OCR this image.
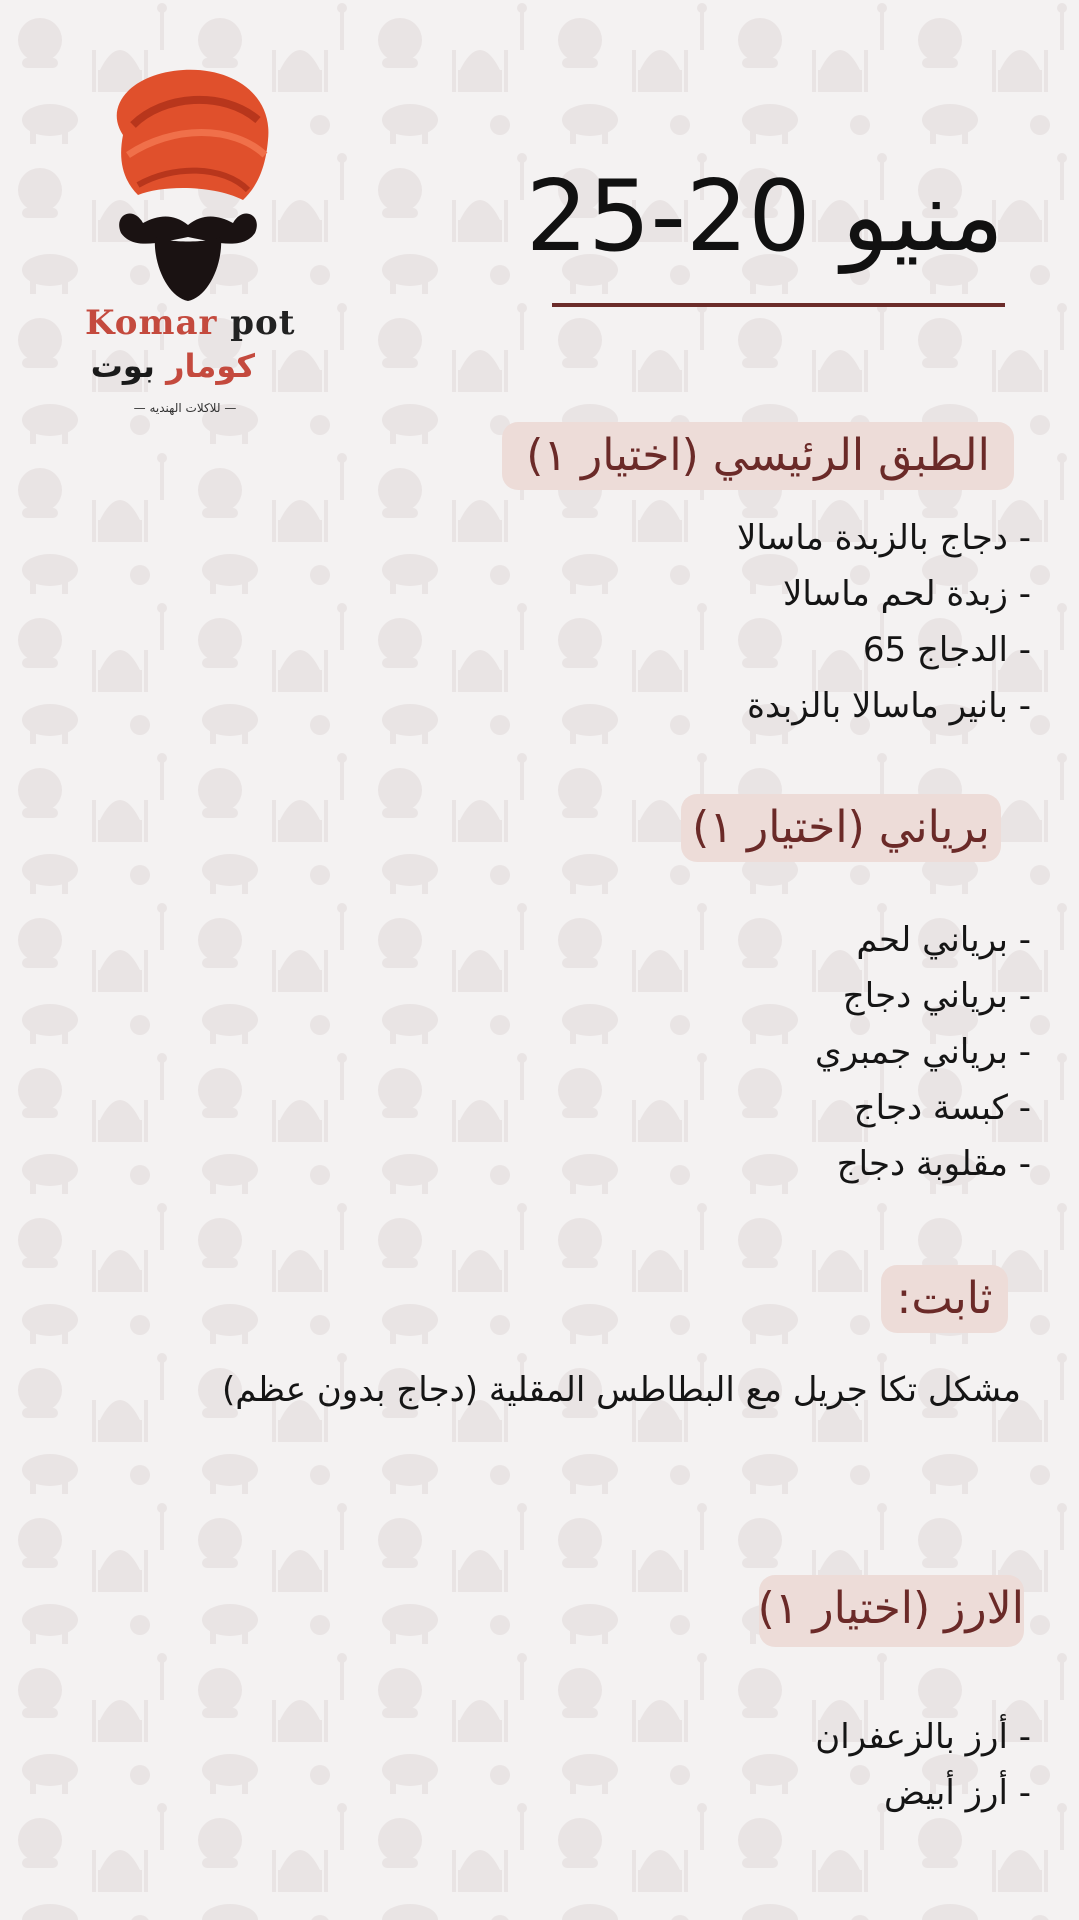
Komar pot
كومار بوت
— للاكلات الهنديه —
منيو 20-25
الطبق الرئيسي (اختيار ١)
- دجاج بالزبدة ماسالا
- زبدة لحم ماسالا
- الدجاج 65
- بانير ماسالا بالزبدة
برياني (اختيار ١)
- برياني لحم
- برياني دجاج
- برياني جمبري
- كبسة دجاج
- مقلوبة دجاج
ثابت:
مشكل تكا جريل مع البطاطس المقلية (دجاج بدون عظم)
الارز (اختيار ١)
- أرز بالزعفران
- أرز أبيض
